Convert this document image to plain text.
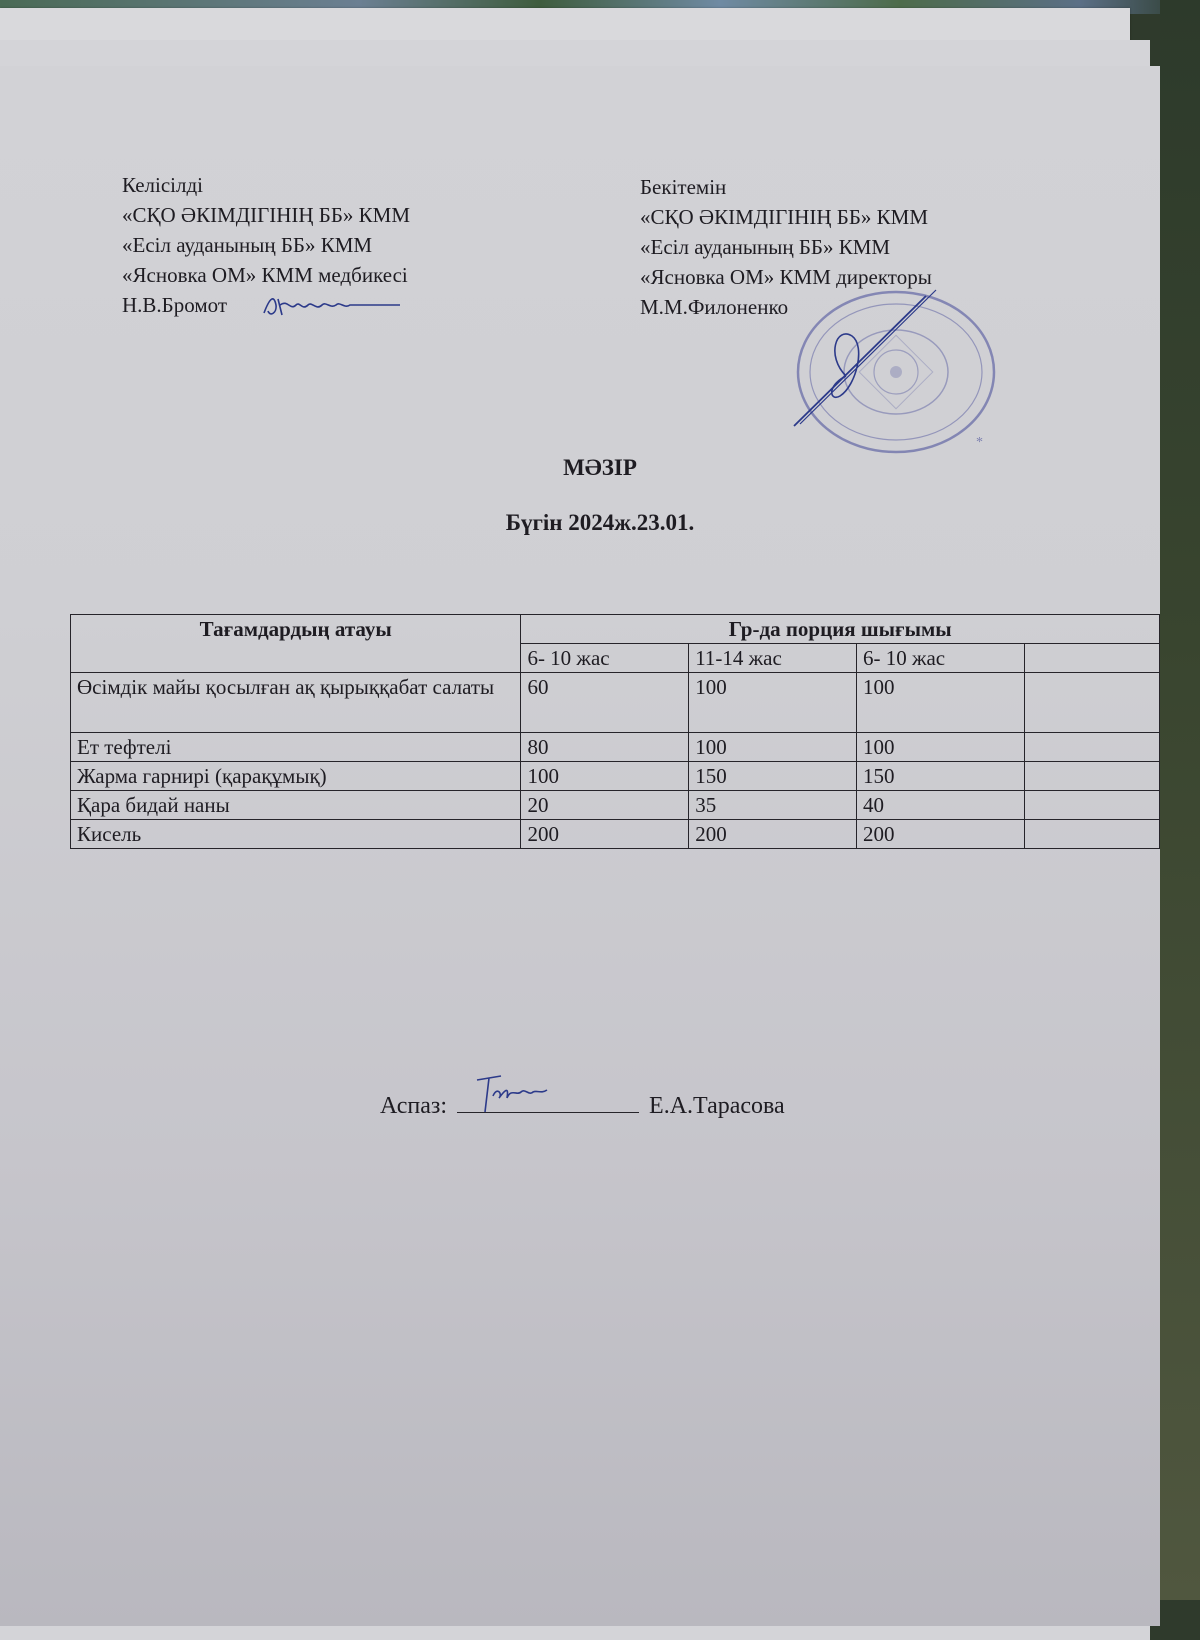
Келісілді
«СҚО ӘКІМДІГІНІҢ ББ» КММ
«Есіл ауданының ББ» КММ
«Ясновка ОМ» КММ медбикесі
Н.В.Бромот
Бекітемін
«СҚО ӘКІМДІГІНІҢ ББ» КММ
«Есіл ауданының ББ» КММ
«Ясновка ОМ» КММ директоры
М.М.Филоненко
*
МӘЗІР
Бүгін 2024ж.23.01.
Тағамдардың атауы	Гр-да порция шығымы			
	6- 10 жас	11-14 жас	6- 10 жас	
Өсімдік майы қосылған ақ қырыққабат салаты	60	100	100	
Ет тефтелі	80	100	100	
Жарма гарнирі (қарақұмық)	100	150	150	
Қара бидай наны	20	35	40	
Кисель	200	200	200	
Аспаз:	Е.А.Тарасова
